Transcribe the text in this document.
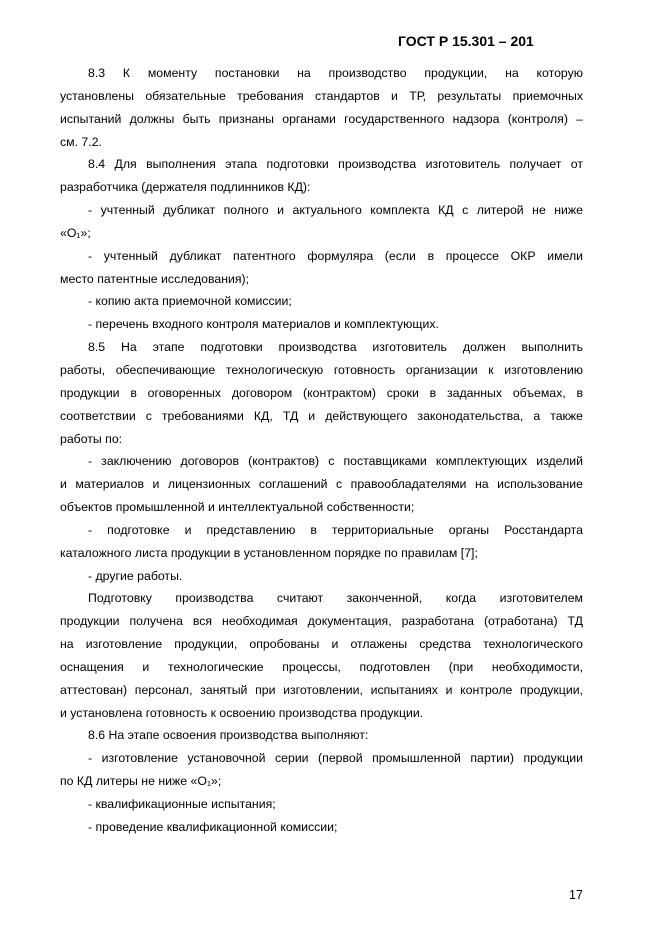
ГОСТ Р 15.301 – 201
8.3 К моменту постановки на производство продукции, на которую
установлены обязательные требования стандартов и ТР, результаты приемочных
испытаний должны быть признаны органами государственного надзора (контроля) –
см. 7.2.
8.4 Для выполнения этапа подготовки производства изготовитель получает от
разработчика (держателя подлинников КД):
- учтенный дубликат полного и актуального комплекта КД с литерой не ниже
«О₁»;
- учтенный дубликат патентного формуляра (если в процессе ОКР имели
место патентные исследования);
- копию акта приемочной комиссии;
- перечень входного контроля материалов и комплектующих.
8.5 На этапе подготовки производства изготовитель должен выполнить
работы, обеспечивающие технологическую готовность организации к изготовлению
продукции в оговоренных договором (контрактом) сроки в заданных объемах, в
соответствии с требованиями КД, ТД и действующего законодательства, а также
работы по:
- заключению договоров (контрактов) с поставщиками комплектующих изделий
и материалов и лицензионных соглашений с правообладателями на использование
объектов промышленной и интеллектуальной собственности;
- подготовке и представлению в территориальные органы Росстандарта
каталожного листа продукции в установленном порядке по правилам [7];
- другие работы.
Подготовку производства считают законченной, когда изготовителем
продукции получена вся необходимая документация, разработана (отработана) ТД
на изготовление продукции, опробованы и отлажены средства технологического
оснащения и технологические процессы, подготовлен (при необходимости,
аттестован) персонал, занятый при изготовлении, испытаниях и контроле продукции,
и установлена готовность к освоению производства продукции.
8.6 На этапе освоения производства выполняют:
- изготовление установочной серии (первой промышленной партии) продукции
по КД литеры не ниже «О₁»;
- квалификационные испытания;
- проведение квалификационной комиссии;
17
